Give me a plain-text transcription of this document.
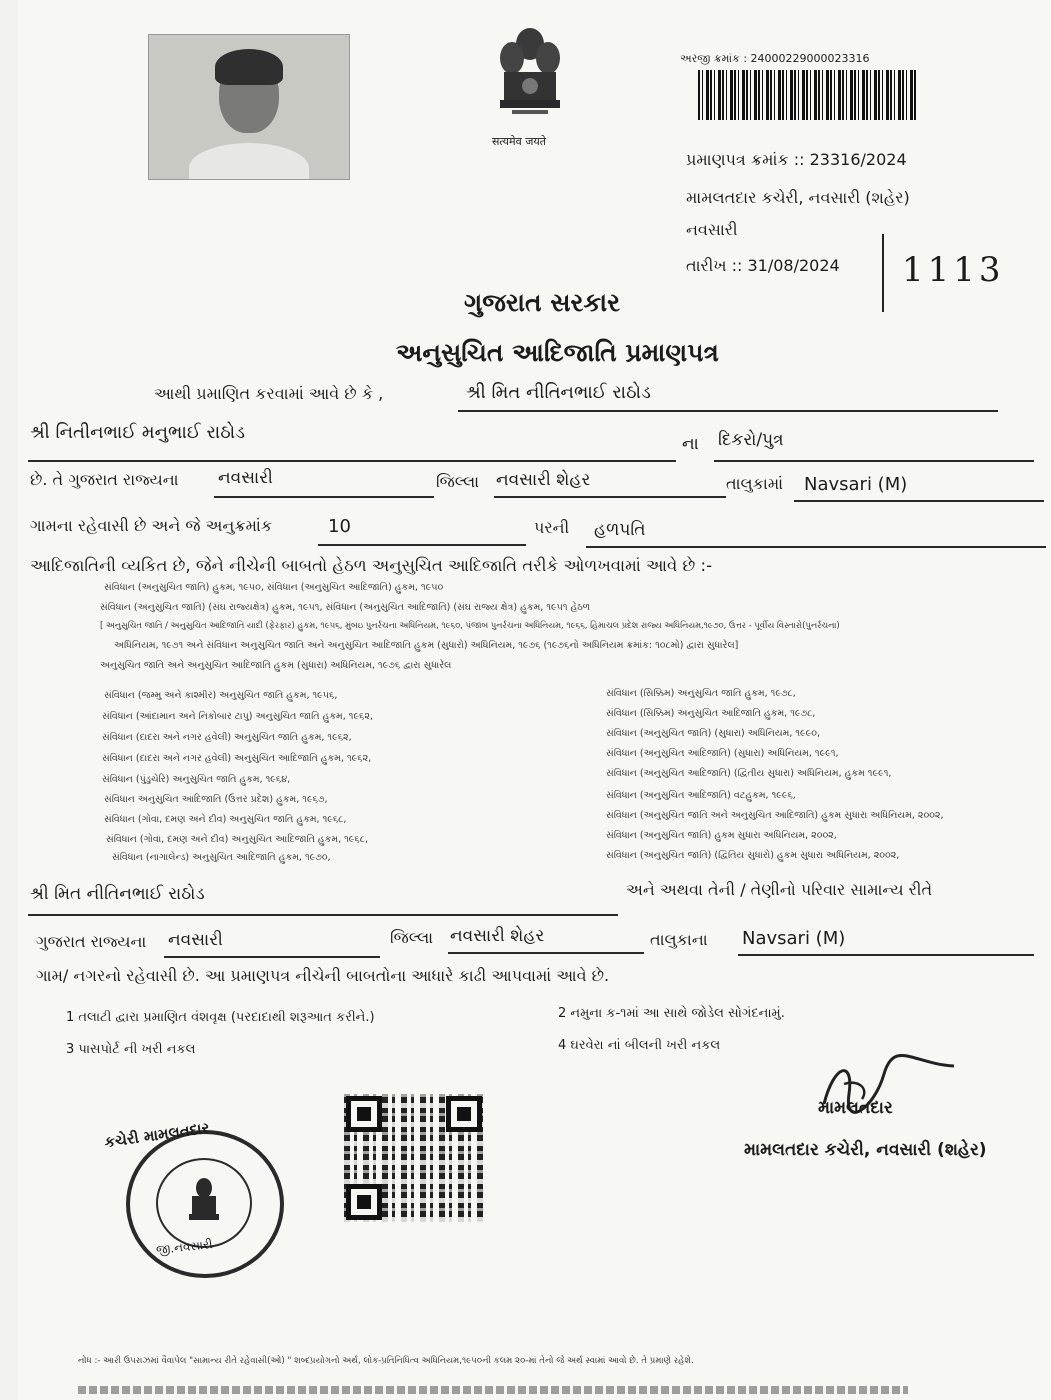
सत्यमेव जयते
અરજી ક્રમાંક : 2400022900002331​6
પ્રમાણપત્ર ક્રમાંક :: 23316/2024
મામલતદાર કચેરી, નવસારી (શહેર)
નવસારી
તારીખ :: 31/08/2024 1113
ગુજરાત સરકાર
અનુસુચિત આદિજાતિ પ્રમાણપત્ર
આથી પ્રમાણિત કરવામાં આવે છે કે ,	શ્રી મિત નીતિનભાઈ રાઠોડ
શ્રી નિતીનભાઈ મનુભાઈ રાઠોડ
ના દિકરો/પુત્ર
છે. તે ગુજરાત રાજ્યના નવસારી	જિલ્લા નવસારી શેહર	તાલુકામાં Navsari (M)
ગામના રહેવાસી છે અને જે અનુક્રમાંક	10	પરની હળપતિ
આદિજાતિની વ્યકિત છે, જેને નીચેની બાબતો હેઠળ અનુસુચિત આદિજાતિ તરીકે ઓળખવામાં આવે છે :-
સંવિધાન (અનુસુચિત જાતિ) હુકમ, ૧૯૫૦, સંવિધાન (અનુસુચિત આદિજાતિ) હુકમ, ૧૯૫૦
સંવિધાન (અનુસુચિત જાતિ) (સંઘ રાજ્યક્ષેત્ર) હુકમ, ૧૯૫૧, સંવિધાન (અનુસુચિત આદિજાતિ) (સંઘ રાજ્ય ક્ષેત્ર) હુકમ, ૧૯૫૧ હેઠળ
[ અનુસુચિત જાતિ / અનુસુચિત આદિજાતિ યાદી (ફેરફાર) હુકમ, ૧૯૫૬, મુંબઇ પુનર્રચના અધિનિયમ, ૧૯૬૦, પંજાબ પુનર્રચના અધિનિયમ, ૧૯૬૬, હિમાચલ પ્રદેશ રાજ્ય અધિનિયમ,૧૯૭૦, ઉત્તર - પૂર્વીય વિસ્તારો(પુનર્રચના)
અધિનિયમ, ૧૯૭૧ અને સંવિધાન અનુસુચિત જાતિ અને અનુસુચિત આદિજાતિ હુકમ (સુધારો) અધિનિયમ, ૧૯૭૬ (૧૯૭૬નો અધિનિયમ ક્રમાંક: ૧૦૮મો) દ્વારા સુધારેલ]
અનુસુચિત જાતિ અને અનુસુચિત આદિજાતિ હુકમ (સુધારા) અધિનિયમ, ૧૯૭૬ દ્વારા સુધારેલ
સંવિધાન (જમ્મુ અને કાશ્મીર) અનુસુચિત જાતિ હુકમ, ૧૯૫૬,
સંવિધાન (આંદામાન અને નિકોબાર ટાપુ) અનુસુચિત જાતિ હુકમ, ૧૯૬૨,
સંવિધાન (દાદરા અને નગર હવેલી) અનુસુચિત જાતિ હુકમ, ૧૯૬૨,
સંવિધાન (દાદરા અને નગર હવેલી) અનુસુચિત આદિજાતિ હુકમ, ૧૯૬૨,
સંવિધાન (પુંડુચેરિ) અનુસુચિત જાતિ હુકમ, ૧૯૬૪,
સંવિધાન અનુસુચિત આદિજાતિ (ઉત્તર પ્રદેશ) હુકમ, ૧૯૬૭,
સંવિધાન (ગોવા, દમણ અને દીવ) અનુસુચિત જાતિ હુકમ, ૧૯૬૮,
સંવિધાન (ગોવા, દમણ અને દીવ) અનુસુચિત આદિજાતિ હુકમ, ૧૯૬૮,
સંવિધાન (નાગાલેન્ડ) અનુસુચિત આદિજાતિ હુકમ, ૧૯૭૦,
સંવિધાન (સિક્કિમ) અનુસુચિત જાતિ હુકમ, ૧૯૭૮,
સંવિધાન (સિક્કિમ) અનુસુચિત આદિજાતિ હુકમ, ૧૯૭૮,
સંવિધાન (અનુસુચિત જાતિ) (સુધારા) અધિનિયમ, ૧૯૯૦,
સંવિધાન (અનુસુચિત આદિજાતિ) (સુધારા) અધિનિયમ, ૧૯૯૧,
સંવિધાન (અનુસુચિત આદિજાતિ) (દ્વિતીય સુધારા) અધિનિયમ, હુકમ ૧૯૯૧,
સંવિધાન (અનુસુચિત આદિજાતિ) વટહુકમ, ૧૯૯૬,
સંવિધાન (અનુસુચિત જાતિ અને અનુસુચિત આદિજાતિ) હુકમ સુધારા અધિનિયમ, ૨૦૦૨,
સંવિધાન (અનુસુચિત જાતિ) હુકમ સુધારા અધિનિયમ, ૨૦૦૨,
સંવિધાન (અનુસુચિત જાતિ) (દ્વિતિય સુધારો) હુકમ સુધારા અધિનિયમ, ૨૦૦૨,
શ્રી મિત નીતિનભાઈ રાઠોડ	અને અથવા તેની / તેણીનો પરિવાર સામાન્ય રીતે
ગુજરાત રાજ્યના નવસારી	જિલ્લા નવસારી શેહર	તાલુકાના Navsari (M)
ગામ/ નગરનો રહેવાસી છે. આ પ્રમાણપત્ર નીચેની બાબતોના આધારે કાઢી આપવામાં આવે છે.
1 તલાટી દ્વારા પ્રમાણિત વંશવૃક્ષ (પરદાદાથી શરૂઆત કરીને.)	2 નમુના ક-૧માં આ સાથે જોડેલ સોગંદનામું.
3 પાસપોર્ટ ની ખરી નકલ	4 ઘરવેરા નાં બીલની ખરી નકલ
કચેરી મામલતદાર
જી.નવસારી
મામલતદાર
મામલતદાર કચેરી, નવસારી (શહેર)
નોંધ :- આરી ઉપરાઝમાં વૈવાપેલ "સામાન્ય રીતે રહેવાસી(ઓ) " શબ્દપ્રયોગનો અર્થ, લોક-પ્રતિનિધિત્વ અધિનિયમ,૧૯૫૦ની કલમ ૨૦-માં તેનો જે અર્થ સ્વામાં આવો છે. તે પ્રમાણે રહેશે.
